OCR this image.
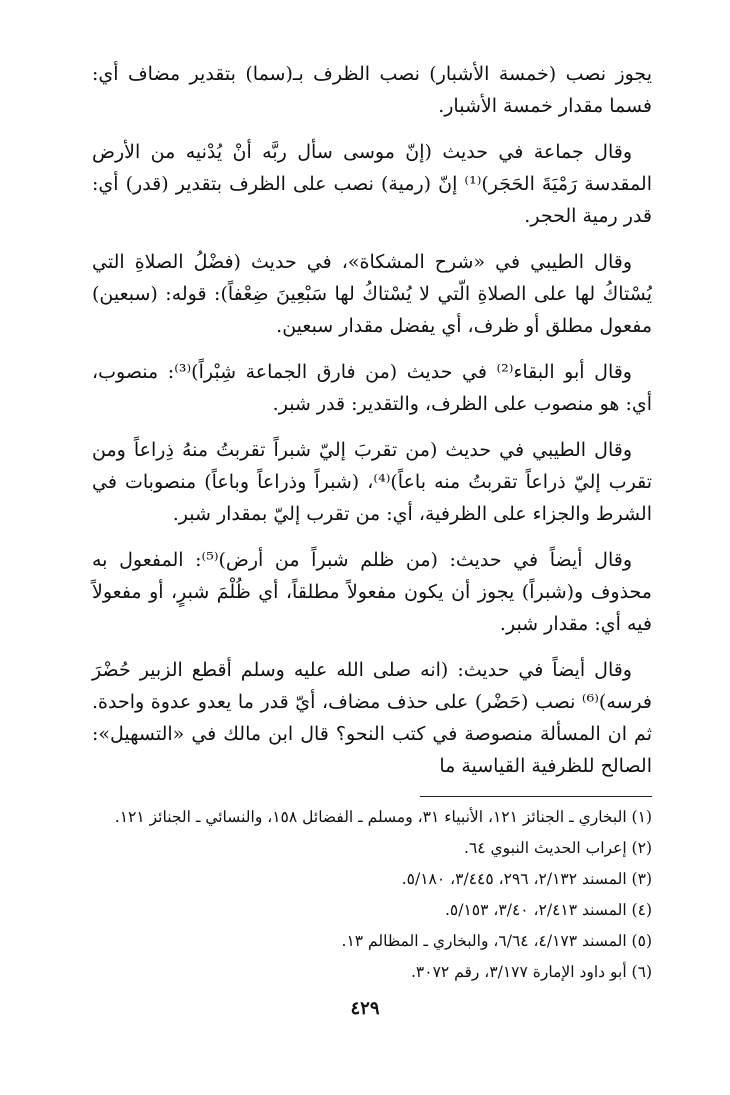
يجوز نصب (خمسة الأشبار) نصب الظرف بـ(سما) بتقدير مضاف أي: فسما مقدار خمسة الأشبار.

وقال جماعة في حديث (إنّ موسى سأل ربَّه أنْ يُدْنيه من الأرض المقدسة رَمْيَةَ الحَجَر)⁽¹⁾ إنّ (رمية) نصب على الظرف بتقدير (قدر) أي: قدر رمية الحجر.

وقال الطيبي في «شرح المشكاة»، في حديث (فضْلُ الصلاةِ التي يُسْتاكُ لها على الصلاةِ الّتي لا يُسْتاكُ لها سَبْعِينَ ضِعْفاً): قوله: (سبعين) مفعول مطلق أو ظرف، أي يفضل مقدار سبعين.

وقال أبو البقاء⁽²⁾ في حديث (من فارق الجماعة شِبْراً)⁽³⁾: منصوب، أي: هو منصوب على الظرف، والتقدير: قدر شبر.

وقال الطيبي في حديث (من تقربَ إليّ شبراً تقربتُ منهُ ذِراعاً ومن تقرب إليّ ذراعاً تقربتُ منه باعاً)⁽⁴⁾، (شبراً وذراعاً وباعاً) منصوبات في الشرط والجزاء على الظرفية، أي: من تقرب إليّ بمقدار شبر.

وقال أيضاً في حديث: (من ظلم شبراً من أرض)⁽⁵⁾: المفعول به محذوف و(شبراً) يجوز أن يكون مفعولاً مطلقاً، أي ظُلْمَ شبرٍ، أو مفعولاً فيه أي: مقدار شبر.

وقال أيضاً في حديث: (انه صلى الله عليه وسلم أقطع الزبير حُضْرَ فرسه)⁽⁶⁾ نصب (حَضْر) على حذف مضاف، أيّ قدر ما يعدو عدوة واحدة. ثم ان المسألة منصوصة في كتب النحو؟ قال ابن مالك في «التسهيل»: الصالح للظرفية القياسية ما

(١) البخاري ـ الجنائز ١٢١، الأنبياء ٣١، ومسلم ـ الفضائل ١٥٨، والنسائي ـ الجنائز ١٢١.

(٢) إعراب الحديث النبوي ٦٤.

(٣) المسند ٢/١٣٢، ٢٩٦، ٣/٤٤٥، ٥/١٨٠.

(٤) المسند ٢/٤١٣، ٣/٤٠، ٥/١٥٣.

(٥) المسند ٤/١٧٣، ٦/٦٤، والبخاري ـ المظالم ١٣.

(٦) أبو داود الإمارة ٣/١٧٧، رقم ٣٠٧٢.

٤٢٩
